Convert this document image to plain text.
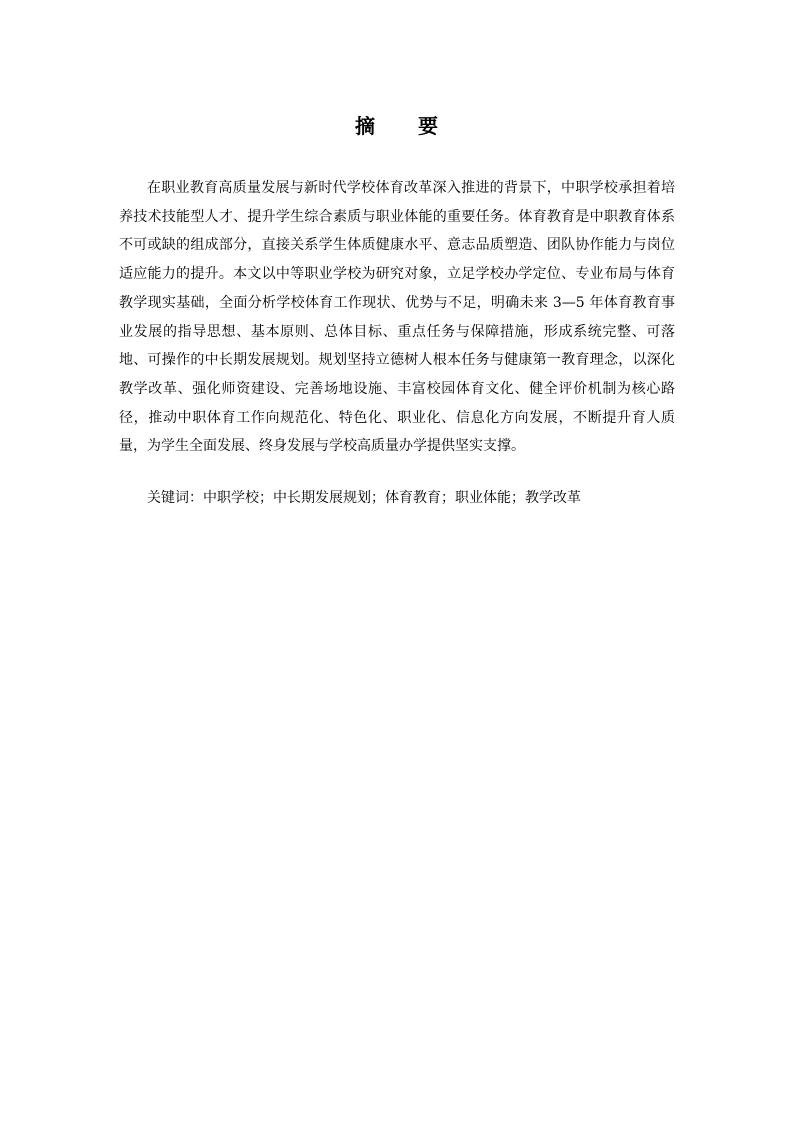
摘 要

在职业教育高质量发展与新时代学校体育改革深入推进的背景下，中职学校承担着培养技术技能型人才、提升学生综合素质与职业体能的重要任务。体育教育是中职教育体系不可或缺的组成部分，直接关系学生体质健康水平、意志品质塑造、团队协作能力与岗位适应能力的提升。本文以中等职业学校为研究对象，立足学校办学定位、专业布局与体育教学现实基础，全面分析学校体育工作现状、优势与不足，明确未来 3—5 年体育教育事业发展的指导思想、基本原则、总体目标、重点任务与保障措施，形成系统完整、可落地、可操作的中长期发展规划。规划坚持立德树人根本任务与健康第一教育理念，以深化教学改革、强化师资建设、完善场地设施、丰富校园体育文化、健全评价机制为核心路径，推动中职体育工作向规范化、特色化、职业化、信息化方向发展，不断提升育人质量，为学生全面发展、终身发展与学校高质量办学提供坚实支撑。

关键词：中职学校；中长期发展规划；体育教育；职业体能；教学改革
